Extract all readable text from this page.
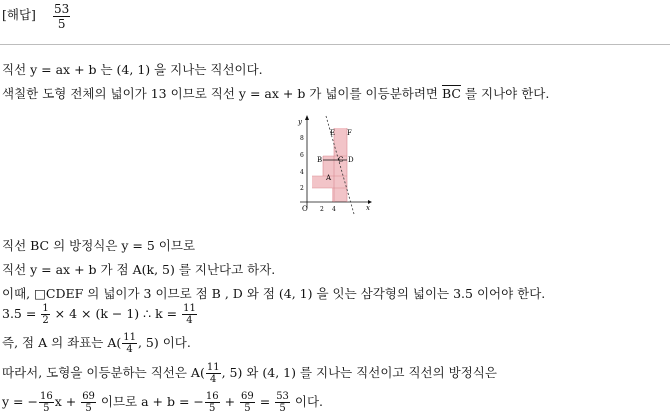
[해답] $\frac{53}{5}$
직선 y = ax + b 는 (4, 1) 을 지나는 직선이다.
색칠한 도형 전체의 넓이가 13 이므로 직선 y = ax + b 가 넓이를 이등분하려면 $\overline{BC}$ 를 지나야 한다.
y
x
O
2
4
6
8
2 4
B
A
C D
E F
직선 BC 의 방정식은 y = 5 이므로
직선 y = ax + b 가 점 A(k, 5) 를 지난다고 하자.
이때, □CDEF 의 넓이가 3 이므로 점 B , D 와 점 (4, 1) 을 잇는 삼각형의 넓이는 3.5 이어야 한다.
$3.5 = \frac{1}{2} \times 4 \times (k - 1)$ ∴ $k = \frac{11}{4}$
즉, 점 A 의 좌표는 $A( \frac{11}{4}$ , 5) 이다.
따라서, 도형을 이등분하는 직선은 $A( \frac{11}{4}$ , 5) 와 (4, 1) 를 지나는 직선이고 직선의 방정식은
y = − $\frac{16}{5}$ $x + \frac{69}{5}$ 이므로 a + b = − $\frac{16}{5} + \frac{69}{5} = \frac{53}{5}$ 이다.
